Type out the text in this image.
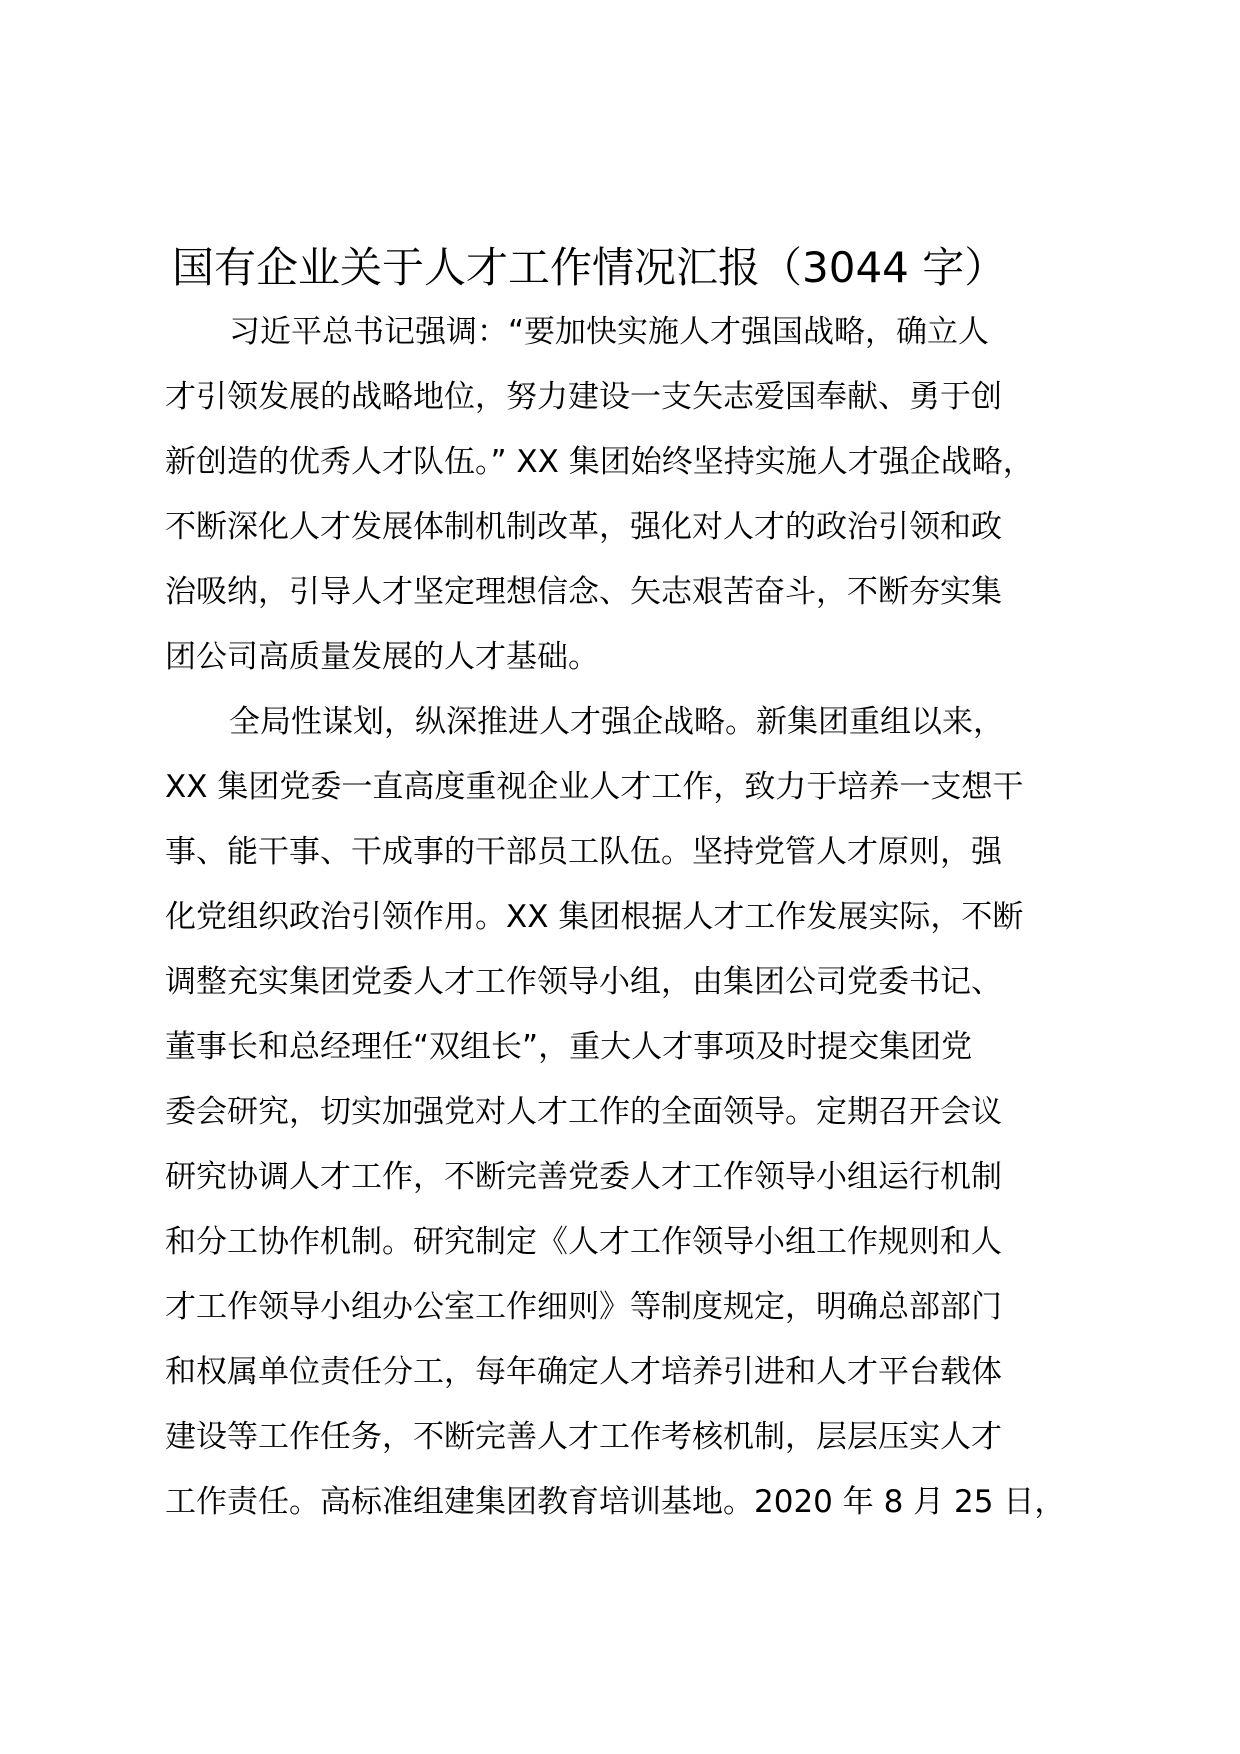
国有企业关于人才工作情况汇报（3044 字）
习近平总书记强调：“要加快实施人才强国战略，确立人
才引领发展的战略地位，努力建设一支矢志爱国奉献、勇于创
新创造的优秀人才队伍。” XX 集团始终坚持实施人才强企战略，
不断深化人才发展体制机制改革，强化对人才的政治引领和政
治吸纳，引导人才坚定理想信念、矢志艰苦奋斗，不断夯实集
团公司高质量发展的人才基础。
全局性谋划，纵深推进人才强企战略。新集团重组以来，
XX 集团党委一直高度重视企业人才工作，致力于培养一支想干
事、能干事、干成事的干部员工队伍。坚持党管人才原则，强
化党组织政治引领作用。XX 集团根据人才工作发展实际，不断
调整充实集团党委人才工作领导小组，由集团公司党委书记、
董事长和总经理任“双组长”，重大人才事项及时提交集团党
委会研究，切实加强党对人才工作的全面领导。定期召开会议
研究协调人才工作，不断完善党委人才工作领导小组运行机制
和分工协作机制。研究制定《人才工作领导小组工作规则和人
才工作领导小组办公室工作细则》等制度规定，明确总部部门
和权属单位责任分工，每年确定人才培养引进和人才平台载体
建设等工作任务，不断完善人才工作考核机制，层层压实人才
工作责任。高标准组建集团教育培训基地。2020 年 8 月 25 日，
